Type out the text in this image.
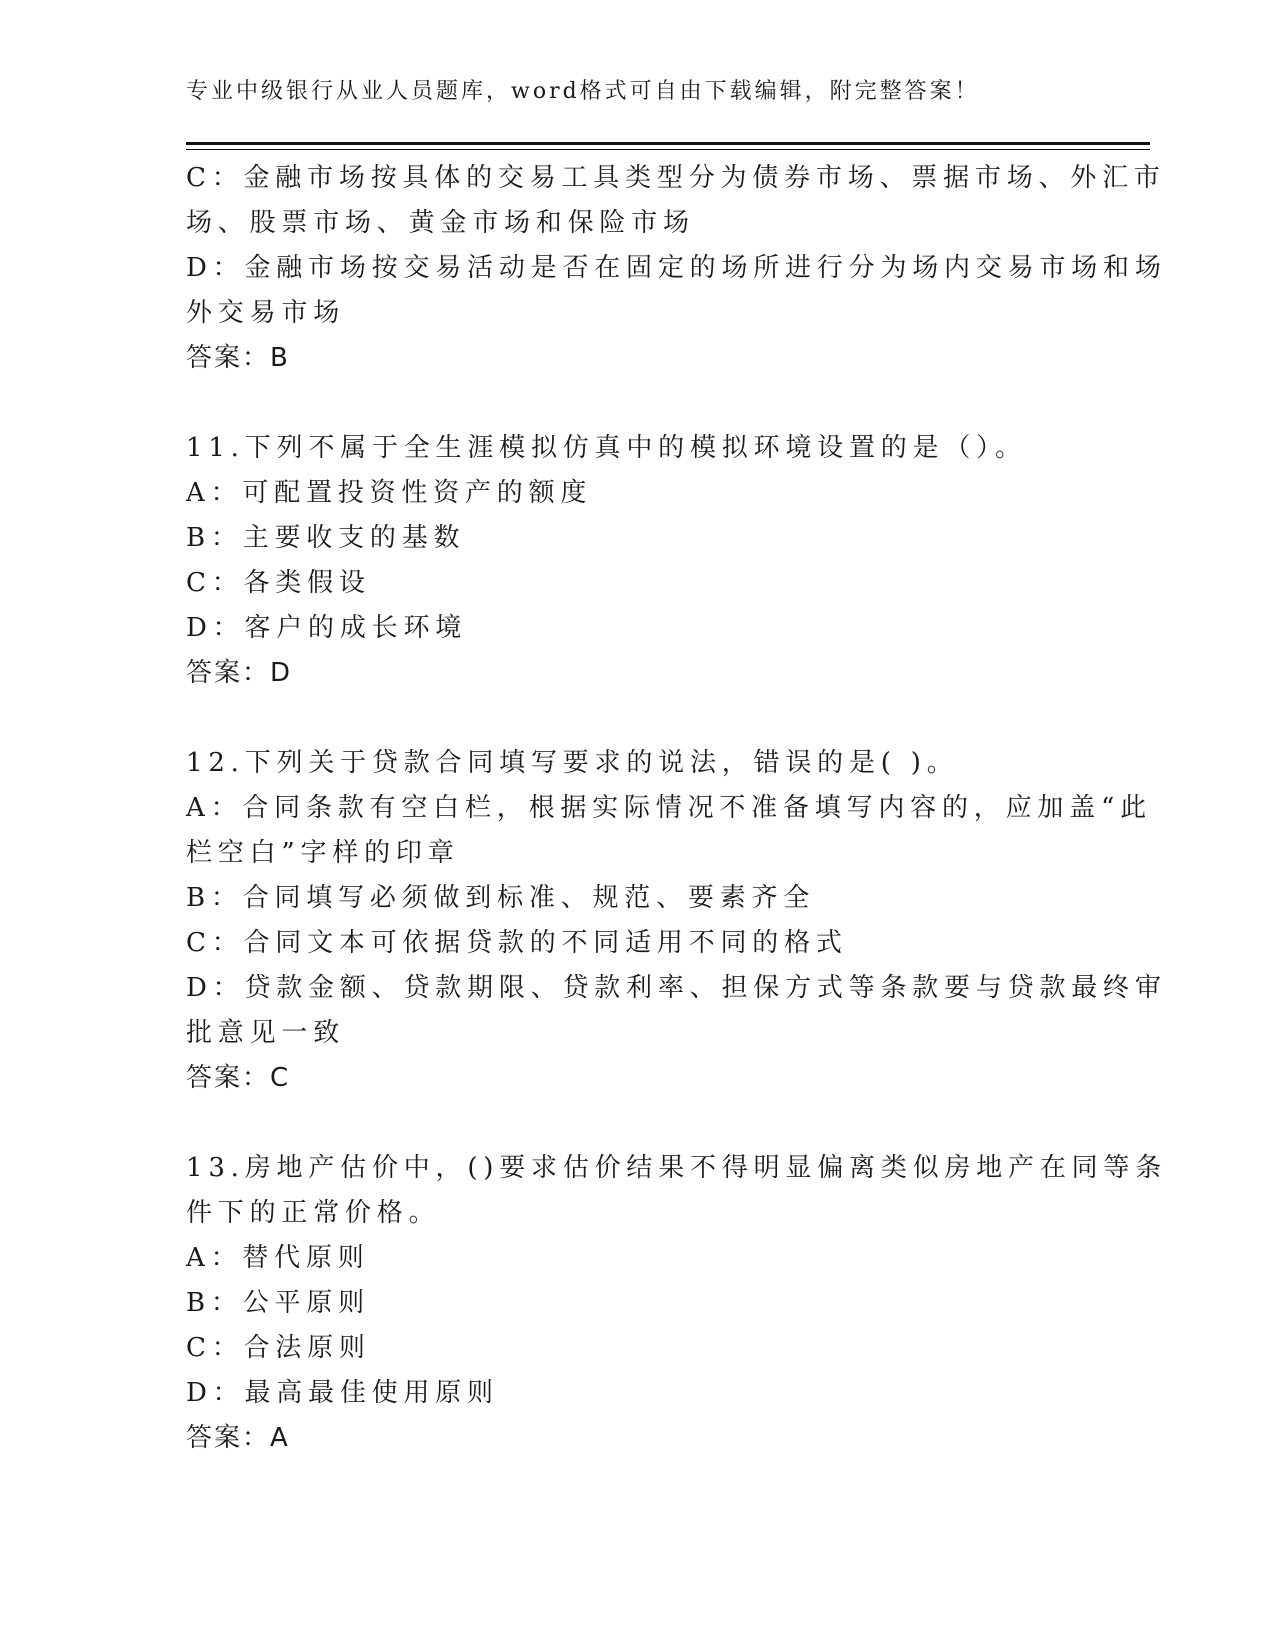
专业中级银行从业人员题库，word格式可自由下载编辑，附完整答案！
C：金融市场按具体的交易工具类型分为债券市场、票据市场、外汇市
场、股票市场、黄金市场和保险市场
D：金融市场按交易活动是否在固定的场所进行分为场内交易市场和场
外交易市场
答案：B
11.下列不属于全生涯模拟仿真中的模拟环境设置的是（）。
A：可配置投资性资产的额度
B：主要收支的基数
C：各类假设
D：客户的成长环境
答案：D
12.下列关于贷款合同填写要求的说法，错误的是( )。
A：合同条款有空白栏，根据实际情况不准备填写内容的，应加盖“此
栏空白”字样的印章
B：合同填写必须做到标准、规范、要素齐全
C：合同文本可依据贷款的不同适用不同的格式
D：贷款金额、贷款期限、贷款利率、担保方式等条款要与贷款最终审
批意见一致
答案：C
13.房地产估价中，()要求估价结果不得明显偏离类似房地产在同等条
件下的正常价格。
A：替代原则
B：公平原则
C：合法原则
D：最高最佳使用原则
答案：A
